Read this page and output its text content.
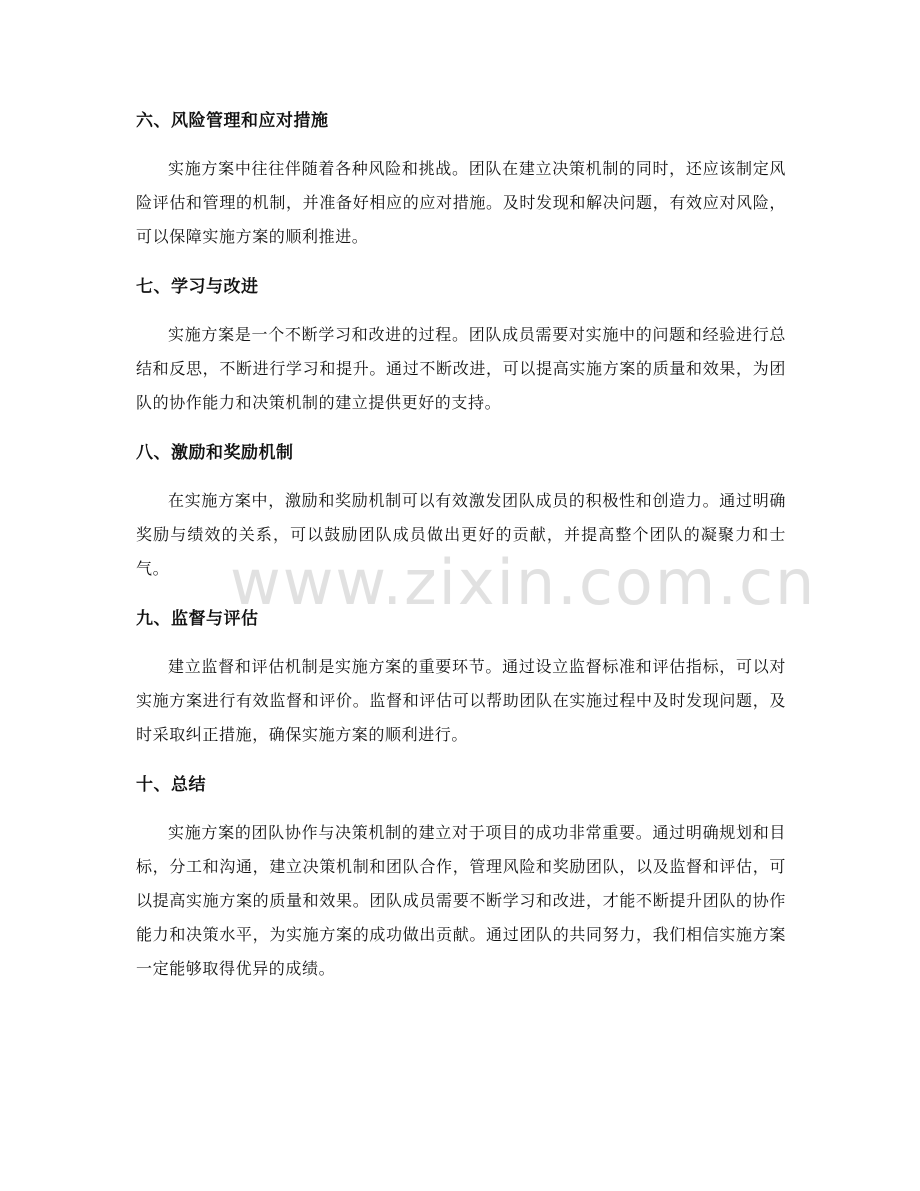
六、风险管理和应对措施

实施方案中往往伴随着各种风险和挑战。团队在建立决策机制的同时，还应该制定风险评估和管理的机制，并准备好相应的应对措施。及时发现和解决问题，有效应对风险，可以保障实施方案的顺利推进。

七、学习与改进

实施方案是一个不断学习和改进的过程。团队成员需要对实施中的问题和经验进行总结和反思，不断进行学习和提升。通过不断改进，可以提高实施方案的质量和效果，为团队的协作能力和决策机制的建立提供更好的支持。

八、激励和奖励机制

在实施方案中，激励和奖励机制可以有效激发团队成员的积极性和创造力。通过明确奖励与绩效的关系，可以鼓励团队成员做出更好的贡献，并提高整个团队的凝聚力和士气。

九、监督与评估

建立监督和评估机制是实施方案的重要环节。通过设立监督标准和评估指标，可以对实施方案进行有效监督和评价。监督和评估可以帮助团队在实施过程中及时发现问题，及时采取纠正措施，确保实施方案的顺利进行。

十、总结

实施方案的团队协作与决策机制的建立对于项目的成功非常重要。通过明确规划和目标，分工和沟通，建立决策机制和团队合作，管理风险和奖励团队，以及监督和评估，可以提高实施方案的质量和效果。团队成员需要不断学习和改进，才能不断提升团队的协作能力和决策水平，为实施方案的成功做出贡献。通过团队的共同努力，我们相信实施方案一定能够取得优异的成绩。

www.zixin.com.cn
